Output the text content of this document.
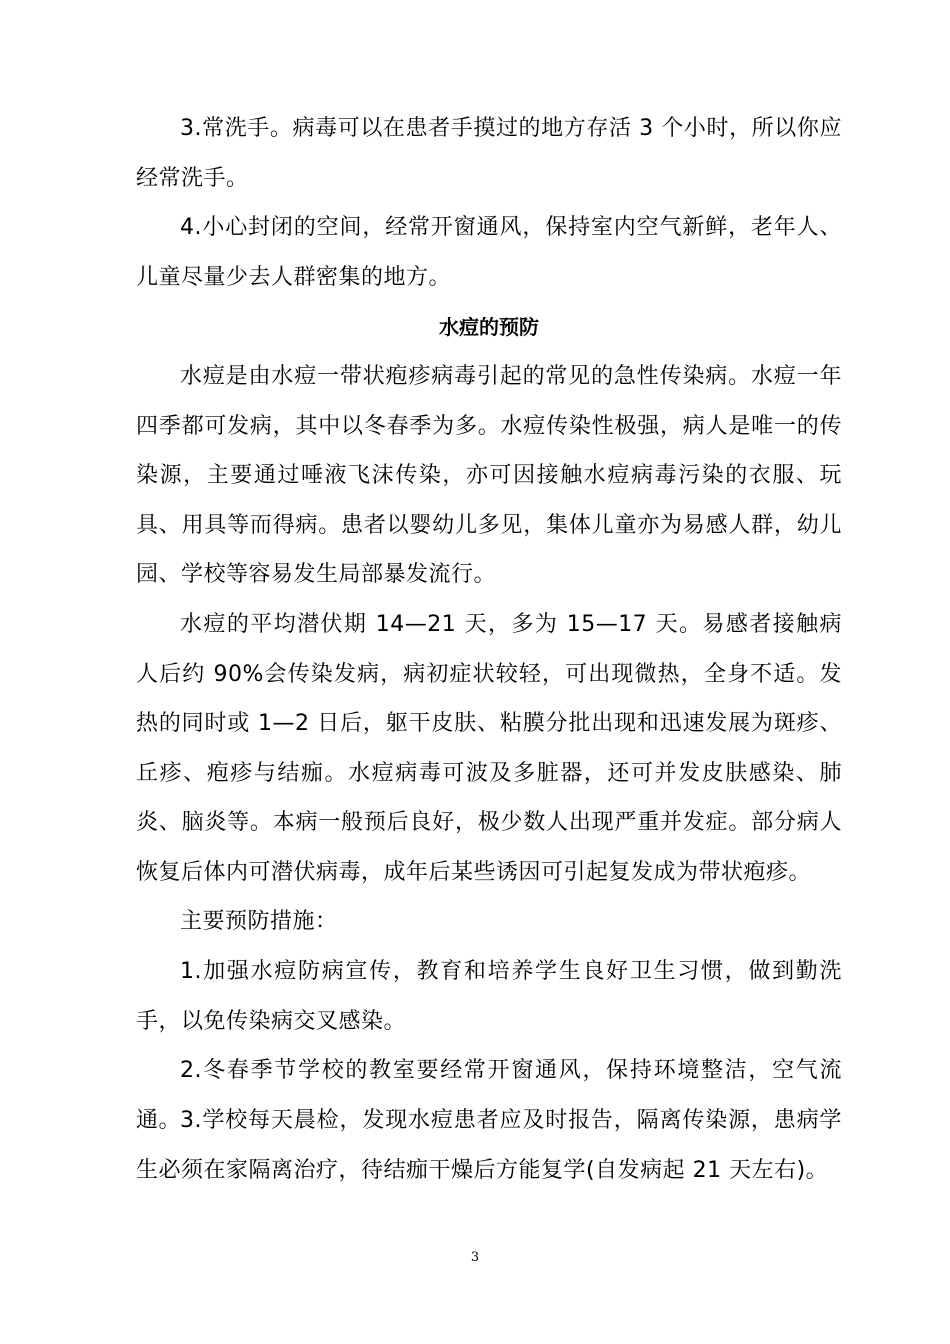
3.常洗手。病毒可以在患者手摸过的地方存活 3 个小时，所以你应经常洗手。

4.小心封闭的空间，经常开窗通风，保持室内空气新鲜，老年人、儿童尽量少去人群密集的地方。

水痘的预防

水痘是由水痘一带状疱疹病毒引起的常见的急性传染病。水痘一年四季都可发病，其中以冬春季为多。水痘传染性极强，病人是唯一的传染源，主要通过唾液飞沫传染，亦可因接触水痘病毒污染的衣服、玩具、用具等而得病。患者以婴幼儿多见，集体儿童亦为易感人群，幼儿园、学校等容易发生局部暴发流行。

水痘的平均潜伏期 14—21 天，多为 15—17 天。易感者接触病人后约 90%会传染发病，病初症状较轻，可出现微热，全身不适。发热的同时或 1—2 日后，躯干皮肤、粘膜分批出现和迅速发展为斑疹、丘疹、疱疹与结痂。水痘病毒可波及多脏器，还可并发皮肤感染、肺炎、脑炎等。本病一般预后良好，极少数人出现严重并发症。部分病人恢复后体内可潜伏病毒，成年后某些诱因可引起复发成为带状疱疹。

主要预防措施：

1.加强水痘防病宣传，教育和培养学生良好卫生习惯，做到勤洗手，以免传染病交叉感染。

2.冬春季节学校的教室要经常开窗通风，保持环境整洁，空气流通。

3.学校每天晨检，发现水痘患者应及时报告，隔离传染源，患病学生必须在家隔离治疗，待结痂干燥后方能复学(自发病起 21 天左右)。

3
